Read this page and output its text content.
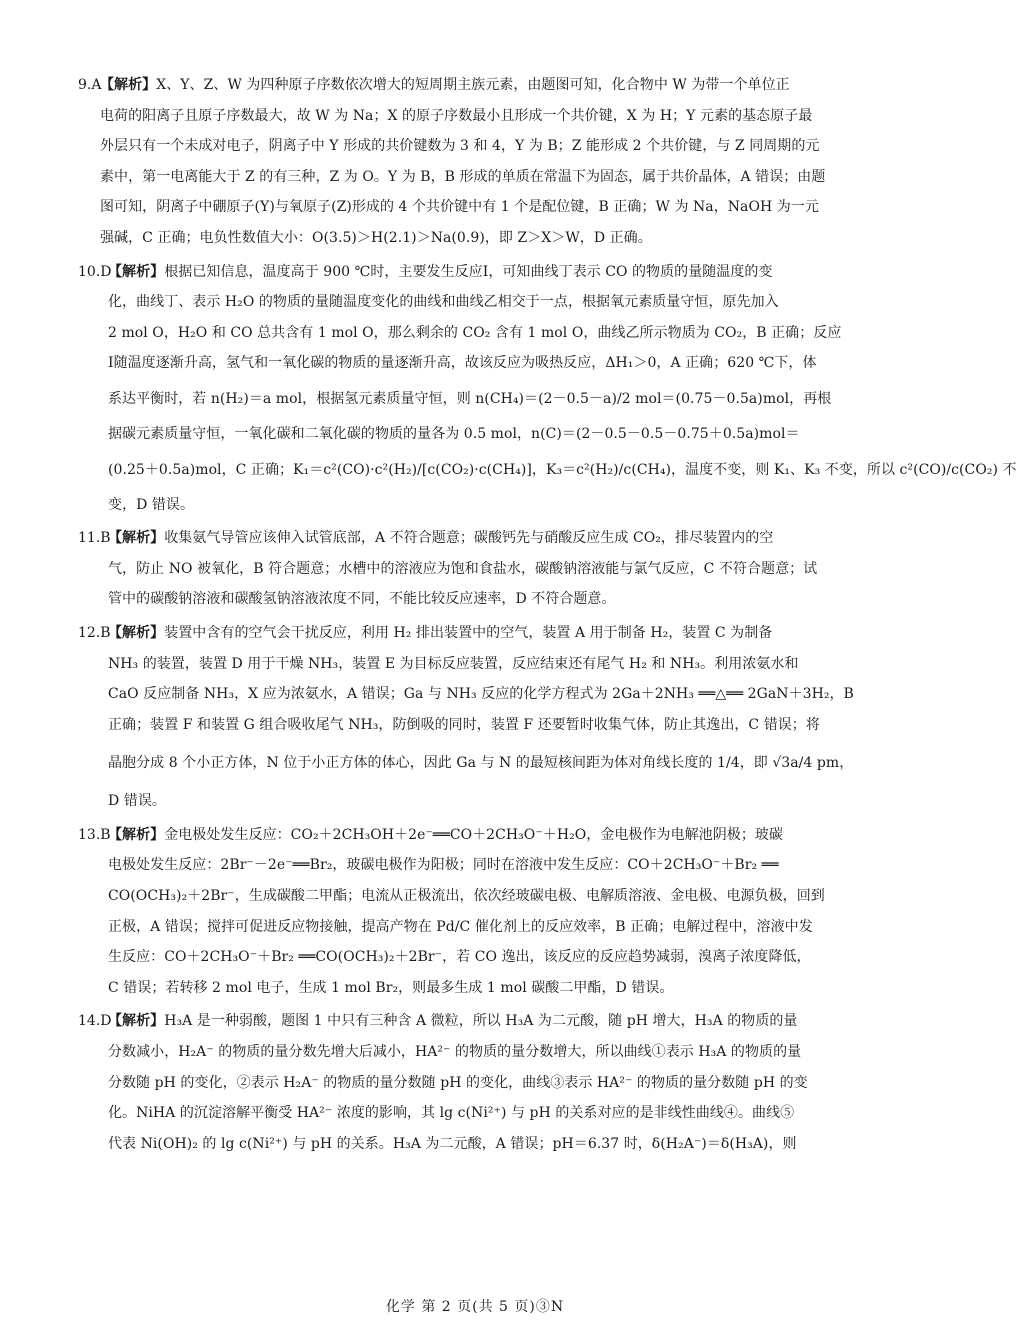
9.A
【解析】X、Y、Z、W 为四种原子序数依次增大的短周期主族元素，由题图可知，化合物中 W 为带一个单位正
电荷的阳离子且原子序数最大，故 W 为 Na；X 的原子序数最小且形成一个共价键，X 为 H；Y 元素的基态原子最
外层只有一个未成对电子，阴离子中 Y 形成的共价键数为 3 和 4，Y 为 B；Z 能形成 2 个共价键，与 Z 同周期的元
素中，第一电离能大于 Z 的有三种，Z 为 O。Y 为 B，B 形成的单质在常温下为固态，属于共价晶体，A 错误；由题
图可知，阴离子中硼原子(Y)与氧原子(Z)形成的 4 个共价键中有 1 个是配位键，B 正确；W 为 Na，NaOH 为一元
强碱，C 正确；电负性数值大小：O(3.5)＞H(2.1)＞Na(0.9)，即 Z＞X＞W，D 正确。
10.D
【解析】根据已知信息，温度高于 900 ℃时，主要发生反应Ⅰ，可知曲线丁表示 CO 的物质的量随温度的变
化，曲线丁、表示 H₂O 的物质的量随温度变化的曲线和曲线乙相交于一点，根据氧元素质量守恒，原先加入
2 mol O，H₂O 和 CO 总共含有 1 mol O，那么剩余的 CO₂ 含有 1 mol O，曲线乙所示物质为 CO₂，B 正确；反应
Ⅰ随温度逐渐升高，氢气和一氧化碳的物质的量逐渐升高，故该反应为吸热反应，ΔH₁＞0，A 正确；620 ℃下，体
系达平衡时，若 n(H₂)＝a mol，根据氢元素质量守恒，则 n(CH₄)＝(2－0.5－a)/2 mol＝(0.75－0.5a)mol，再根
据碳元素质量守恒，一氧化碳和二氧化碳的物质的量各为 0.5 mol，n(C)＝(2－0.5－0.5－0.75＋0.5a)mol＝
(0.25＋0.5a)mol，C 正确；K₁＝c²(CO)·c²(H₂)/[c(CO₂)·c(CH₄)]，K₃＝c²(H₂)/c(CH₄)，温度不变，则 K₁、K₃ 不变，所以 c²(CO)/c(CO₂) 不
变，D 错误。
11.B
【解析】收集氨气导管应该伸入试管底部，A 不符合题意；碳酸钙先与硝酸反应生成 CO₂，排尽装置内的空
气，防止 NO 被氧化，B 符合题意；水槽中的溶液应为饱和食盐水，碳酸钠溶液能与氯气反应，C 不符合题意；试
管中的碳酸钠溶液和碳酸氢钠溶液浓度不同，不能比较反应速率，D 不符合题意。
12.B
【解析】装置中含有的空气会干扰反应，利用 H₂ 排出装置中的空气，装置 A 用于制备 H₂，装置 C 为制备
NH₃ 的装置，装置 D 用于干燥 NH₃，装置 E 为目标反应装置，反应结束还有尾气 H₂ 和 NH₃。利用浓氨水和
CaO 反应制备 NH₃，X 应为浓氨水，A 错误；Ga 与 NH₃ 反应的化学方程式为 2Ga＋2NH₃ ══△══ 2GaN＋3H₂，B
正确；装置 F 和装置 G 组合吸收尾气 NH₃，防倒吸的同时，装置 F 还要暂时收集气体，防止其逸出，C 错误；将
晶胞分成 8 个小正方体，N 位于小正方体的体心，因此 Ga 与 N 的最短核间距为体对角线长度的 1/4，即 √3a/4 pm，
D 错误。
13.B
【解析】金电极处发生反应：CO₂＋2CH₃OH＋2e⁻══CO＋2CH₃O⁻＋H₂O，金电极作为电解池阴极；玻碳
电极处发生反应：2Br⁻－2e⁻══Br₂，玻碳电极作为阳极；同时在溶液中发生反应：CO＋2CH₃O⁻＋Br₂ ══
CO(OCH₃)₂＋2Br⁻，生成碳酸二甲酯；电流从正极流出，依次经玻碳电极、电解质溶液、金电极、电源负极，回到
正极，A 错误；搅拌可促进反应物接触，提高产物在 Pd/C 催化剂上的反应效率，B 正确；电解过程中，溶液中发
生反应：CO＋2CH₃O⁻＋Br₂ ══CO(OCH₃)₂＋2Br⁻，若 CO 逸出，该反应的反应趋势减弱，溴离子浓度降低，
C 错误；若转移 2 mol 电子，生成 1 mol Br₂，则最多生成 1 mol 碳酸二甲酯，D 错误。
14.D
【解析】H₃A 是一种弱酸，题图 1 中只有三种含 A 微粒，所以 H₃A 为二元酸，随 pH 增大，H₃A 的物质的量
分数减小，H₂A⁻ 的物质的量分数先增大后减小，HA²⁻ 的物质的量分数增大，所以曲线①表示 H₃A 的物质的量
分数随 pH 的变化，②表示 H₂A⁻ 的物质的量分数随 pH 的变化，曲线③表示 HA²⁻ 的物质的量分数随 pH 的变
化。NiHA 的沉淀溶解平衡受 HA²⁻ 浓度的影响，其 lg c(Ni²⁺) 与 pH 的关系对应的是非线性曲线④。曲线⑤
代表 Ni(OH)₂ 的 lg c(Ni²⁺) 与 pH 的关系。H₃A 为二元酸，A 错误；pH＝6.37 时，δ(H₂A⁻)＝δ(H₃A)，则
化学 第 2 页(共 5 页)③N
